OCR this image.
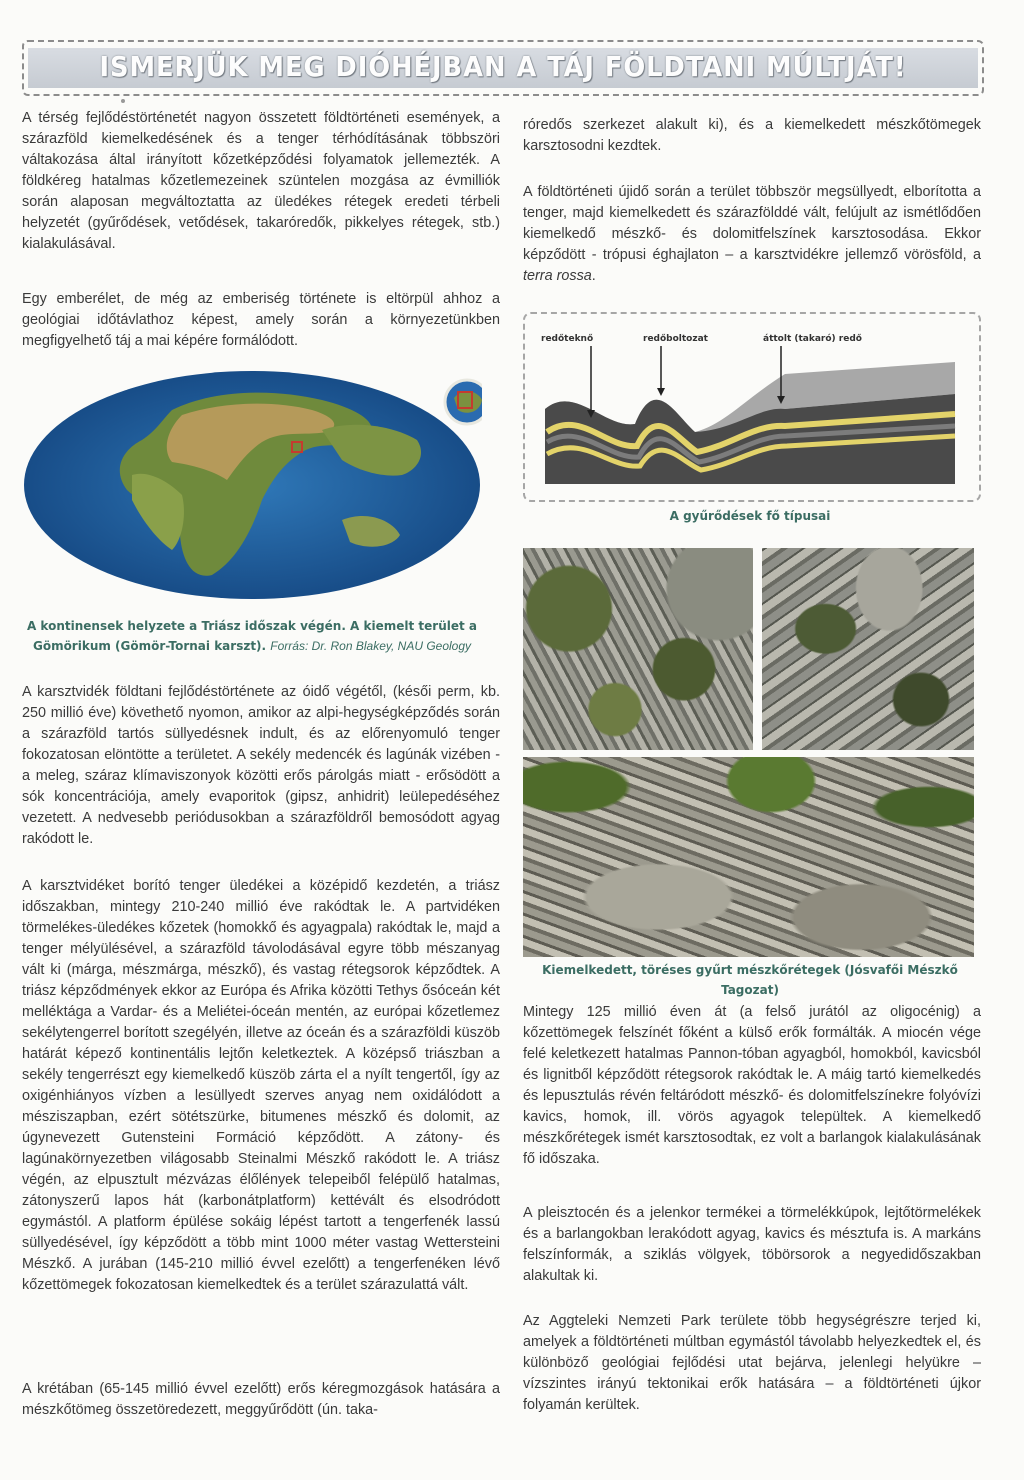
ISMERJÜK MEG DIÓHÉJBAN A TÁJ FÖLDTANI MÚLTJÁT!

A térség fejlődéstörténetét nagyon összetett földtörténeti események, a szárazföld kiemelkedésének és a tenger térhódításának többszöri váltakozása által irányított kőzetképződési folyamatok jellemezték. A földkéreg hatalmas kőzetlemezeinek szüntelen mozgása az évmilliók során alaposan megváltoztatta az üledékes rétegek eredeti térbeli helyzetét (gyűrődések, vetődések, takaróredők, pikkelyes rétegek, stb.) kialakulásával.

Egy emberélet, de még az emberiség története is eltörpül ahhoz a geológiai időtávlathoz képest, amely során a környezetünkben megfigyelhető táj a mai képére formálódott.

A kontinensek helyzete a Triász időszak végén. A kiemelt terület a Gömörikum (Gömör-Tornai karszt). Forrás: Dr. Ron Blakey, NAU Geology

A karsztvidék földtani fejlődéstörténete az óidő végétől, (késői perm, kb. 250 millió éve) követhető nyomon, amikor az alpi-hegységképződés során a szárazföld tartós süllyedésnek indult, és az előrenyomuló tenger fokozatosan elöntötte a területet. A sekély medencék és lagúnák vizében - a meleg, száraz klímaviszonyok közötti erős párolgás miatt - erősödött a sók koncentrációja, amely evaporitok (gipsz, anhidrit) leülepedéséhez vezetett. A nedvesebb periódusokban a szárazföldről bemosódott agyag rakódott le.

A karsztvidéket borító tenger üledékei a középidő kezdetén, a triász időszakban, mintegy 210-240 millió éve rakódtak le. A partvidéken törmelékes-üledékes kőzetek (homokkő és agyagpala) rakódtak le, majd a tenger mélyülésével, a szárazföld távolodásával egyre több mészanyag vált ki (márga, mészmárga, mészkő), és vastag rétegsorok képződtek. A triász képződmények ekkor az Európa és Afrika közötti Tethys ősóceán két melléktága a Vardar- és a Meliétei-óceán mentén, az európai kőzetlemez sekélytengerrel borított szegélyén, illetve az óceán és a szárazföldi küszöb határát képező kontinentális lejtőn keletkeztek. A középső triászban a sekély tengerrészt egy kiemelkedő küszöb zárta el a nyílt tengertől, így az oxigénhiányos vízben a lesüllyedt szerves anyag nem oxidálódott a mésziszapban, ezért sötétszürke, bitumenes mészkő és dolomit, az úgynevezett Gutensteini Formáció képződött. A zátony- és lagúnakörnyezetben világosabb Steinalmi Mészkő rakódott le. A triász végén, az elpusztult mézvázas élőlények telepeiből felépülő hatalmas, zátonyszerű lapos hát (karbonátplatform) kettévált és elsodródott egymástól. A platform épülése sokáig lépést tartott a tengerfenék lassú süllyedésével, így képződött a több mint 1000 méter vastag Wettersteini Mészkő. A jurában (145-210 millió évvel ezelőtt) a tengerfenéken lévő kőzettömegek fokozatosan kiemelkedtek és a terület szárazulattá vált.

A krétában (65-145 millió évvel ezelőtt) erős kéregmozgások hatására a mészkőtömeg összetöredezett, meggyűrődött (ún. taka-

róredős szerkezet alakult ki), és a kiemelkedett mészkőtömegek karsztosodni kezdtek.

A földtörténeti újidő során a terület többször megsüllyedt, elborította a tenger, majd kiemelkedett és szárazfölddé vált, felújult az ismétlődően kiemelkedő mészkő- és dolomitfelszínek karsztosodása. Ekkor képződött - trópusi éghajlaton – a karsztvidékre jellemző vörösföld, a terra rossa.

redőteknő	redőboltozat	áttolt (takaró) redő

A gyűrődések fő típusai

Kiemelkedett, töréses gyűrt mészkőrétegek (Jósvafői Mészkő Tagozat)

Mintegy 125 millió éven át (a felső jurától az oligocénig) a kőzettömegek felszínét főként a külső erők formálták. A miocén vége felé keletkezett hatalmas Pannon-tóban agyagból, homokból, kavicsból és lignitből képződött rétegsorok rakódtak le. A máig tartó kiemelkedés és lepusztulás révén feltáródott mészkő- és dolomitfelszínekre folyóvízi kavics, homok, ill. vörös agyagok települtek. A kiemelkedő mészkőrétegek ismét karsztosodtak, ez volt a barlangok kialakulásának fő időszaka.

A pleisztocén és a jelenkor termékei a törmelékkúpok, lejtőtörmelékek és a barlangokban lerakódott agyag, kavics és mésztufa is. A markáns felszínformák, a sziklás völgyek, töbörsorok a negyedidőszakban alakultak ki.

Az Aggteleki Nemzeti Park területe több hegységrészre terjed ki, amelyek a földtörténeti múltban egymástól távolabb helyezkedtek el, és különböző geológiai fejlődési utat bejárva, jelenlegi helyükre – vízszintes irányú tektonikai erők hatására – a földtörténeti újkor folyamán kerültek.
